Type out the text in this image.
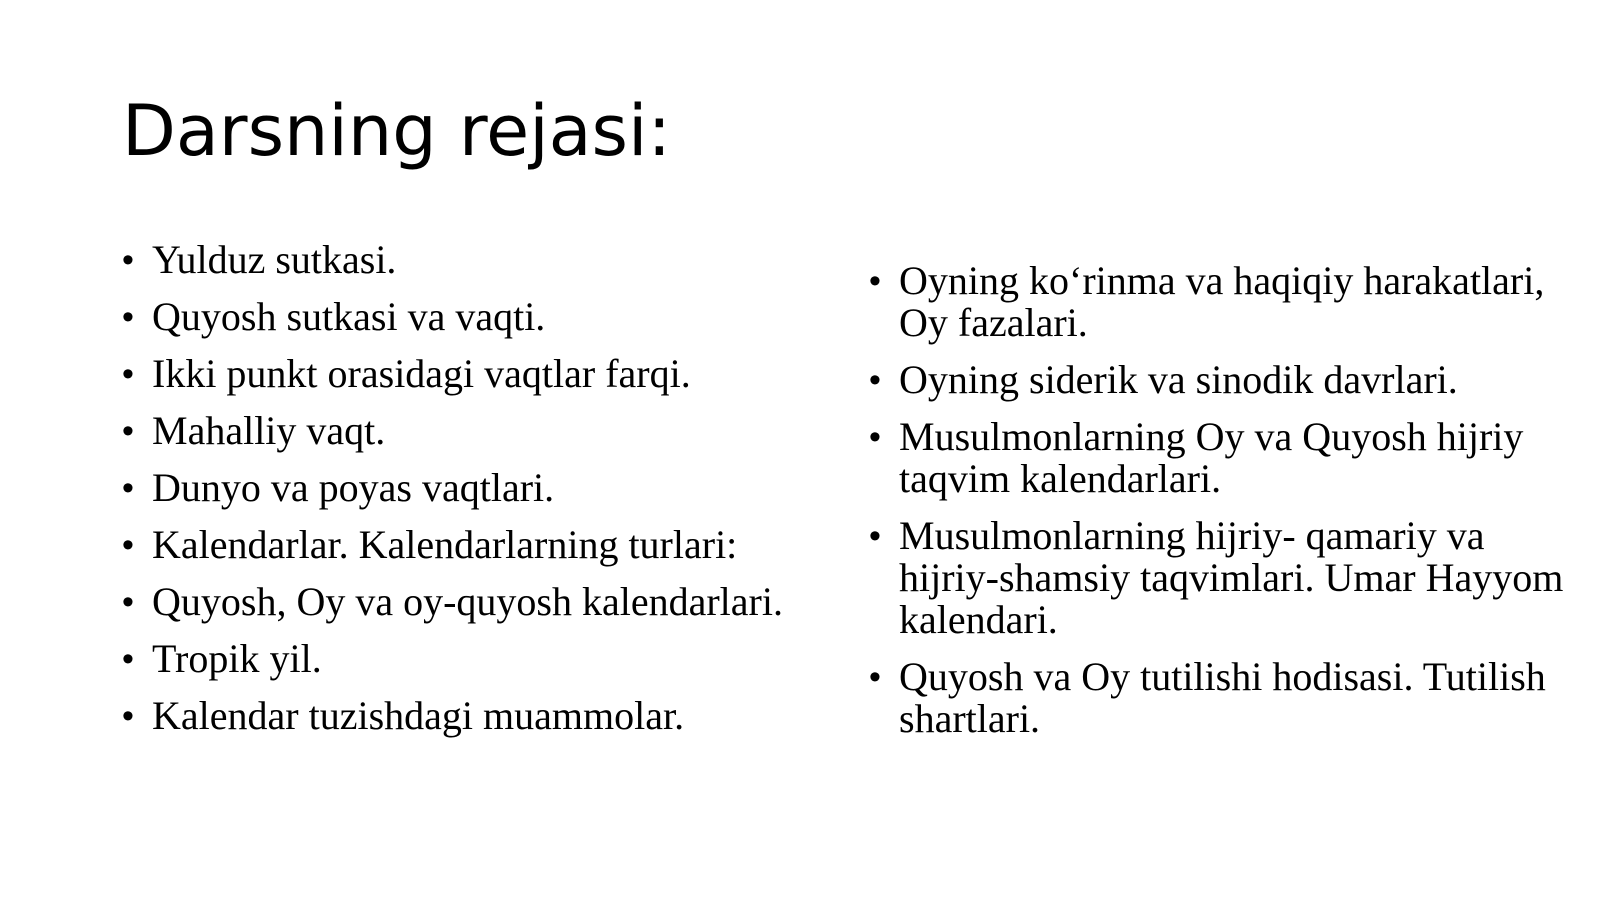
Darsning rejasi:
• Yulduz sutkasi.
• Quyosh sutkasi va vaqti.
• Ikki punkt orasidagi vaqtlar farqi.
• Mahalliy vaqt.
• Dunyo va poyas vaqtlari.
• Kalendarlar. Kalendarlarning turlari:
• Quyosh, Oy va oy-quyosh kalendarlari.
• Tropik yil.
• Kalendar tuzishdagi muammolar.
• Oyning ko‘rinma va haqiqiy harakatlari, Oy fazalari.
• Oyning siderik va sinodik davrlari.
• Musulmonlarning Oy va Quyosh hijriy taqvim kalendarlari.
• Musulmonlarning hijriy- qamariy va hijriy-shamsiy taqvimlari. Umar Hayyom kalendari.
• Quyosh va Oy tutilishi hodisasi. Tutilish shartlari.
